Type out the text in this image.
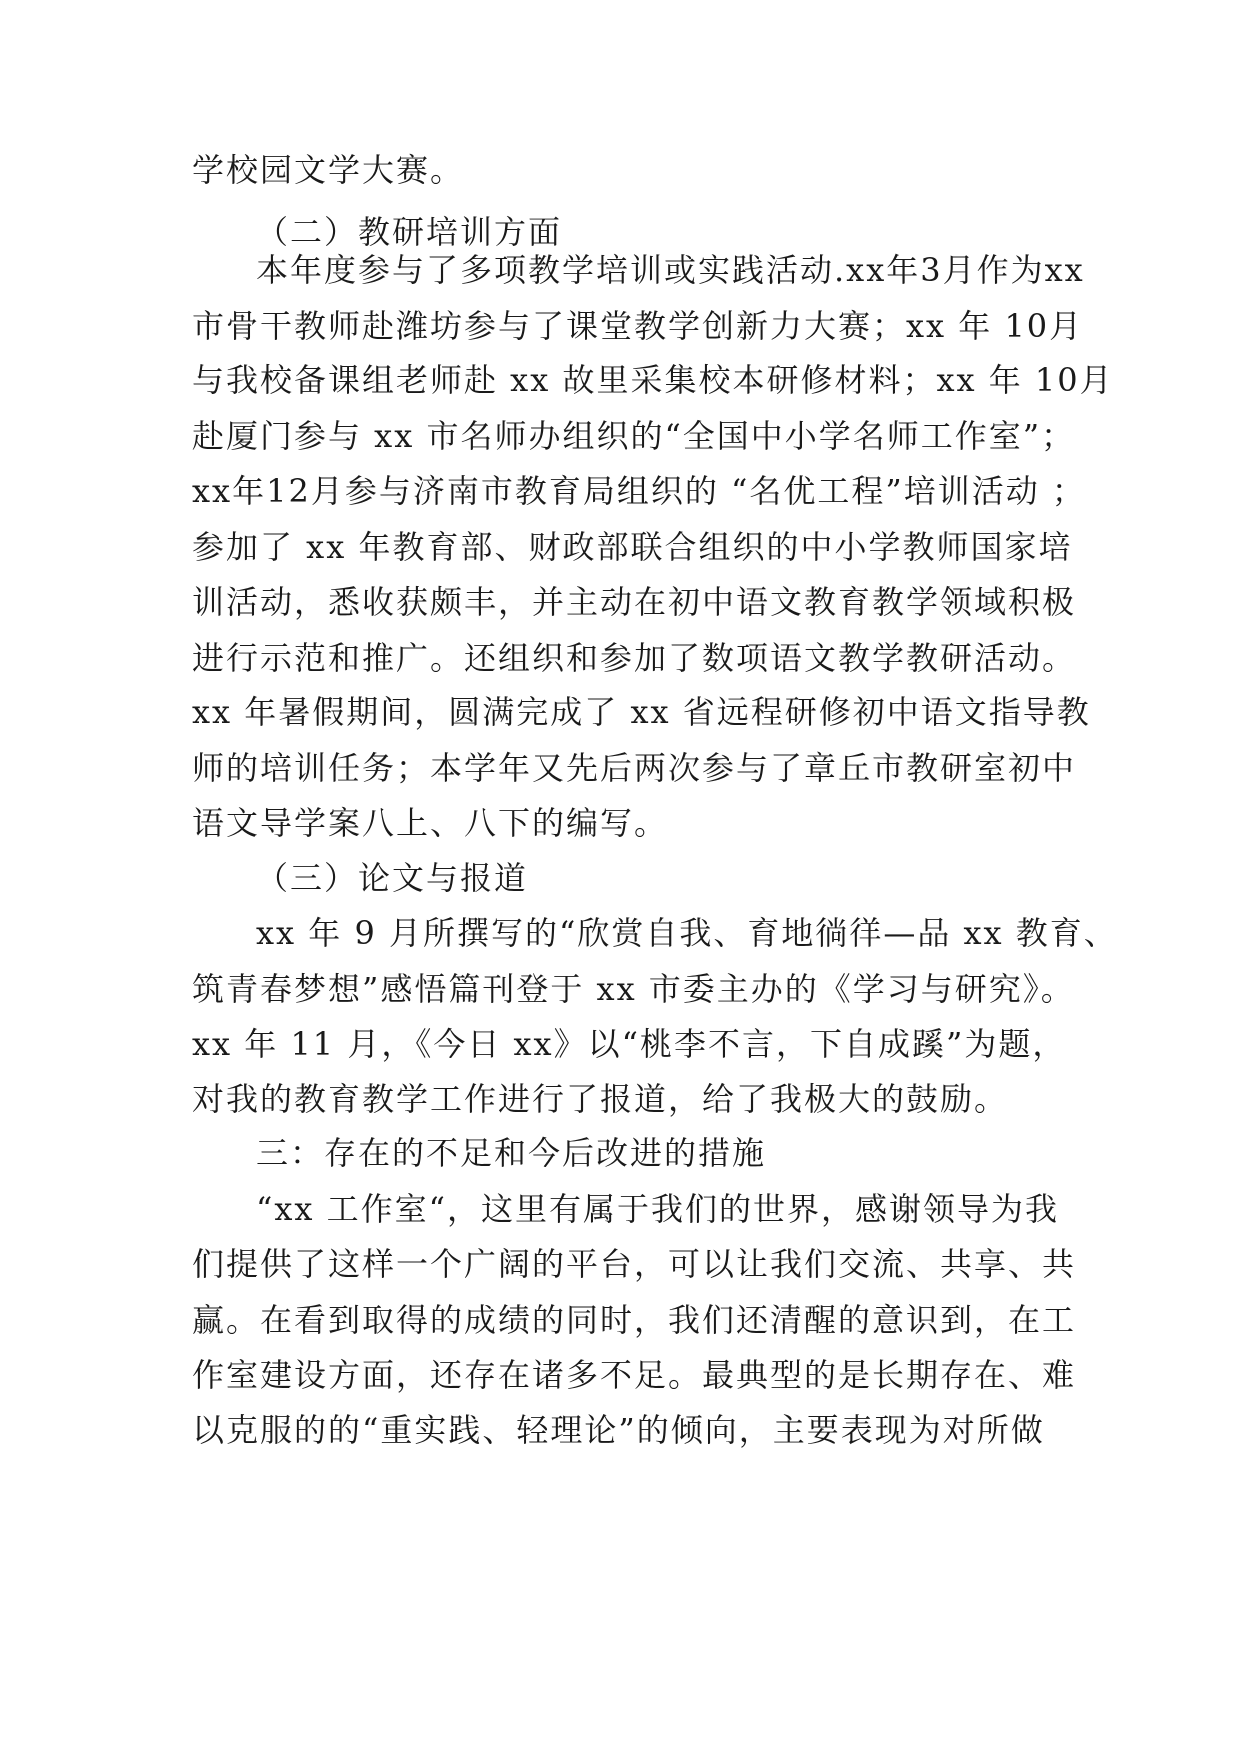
学校园文学大赛。
（二）教研培训方面
本年度参与了多项教学培训或实践活动.xx年3月作为xx
市骨干教师赴潍坊参与了课堂教学创新力大赛；xx 年 10月
与我校备课组老师赴 xx 故里采集校本研修材料；xx 年 10月
赴厦门参与 xx 市名师办组织的“全国中小学名师工作室”；
xx年12月参与济南市教育局组织的 “名优工程”培训活动 ；
参加了 xx 年教育部、财政部联合组织的中小学教师国家培
训活动，悉收获颇丰，并主动在初中语文教育教学领域积极
进行示范和推广。还组织和参加了数项语文教学教研活动。
xx 年暑假期间，圆满完成了 xx 省远程研修初中语文指导教
师的培训任务；本学年又先后两次参与了章丘市教研室初中
语文导学案八上、八下的编写。
（三）论文与报道
xx 年 9 月所撰写的“欣赏自我、育地徜徉—品 xx 教育、
筑青春梦想”感悟篇刊登于 xx 市委主办的《学习与研究》。
xx 年 11 月，《今日 xx》以“桃李不言，下自成蹊”为题，
对我的教育教学工作进行了报道，给了我极大的鼓励。
三：存在的不足和今后改进的措施
“xx 工作室“，这里有属于我们的世界，感谢领导为我
们提供了这样一个广阔的平台，可以让我们交流、共享、共
赢。在看到取得的成绩的同时，我们还清醒的意识到，在工
作室建设方面，还存在诸多不足。最典型的是长期存在、难
以克服的的“重实践、轻理论”的倾向，主要表现为对所做
